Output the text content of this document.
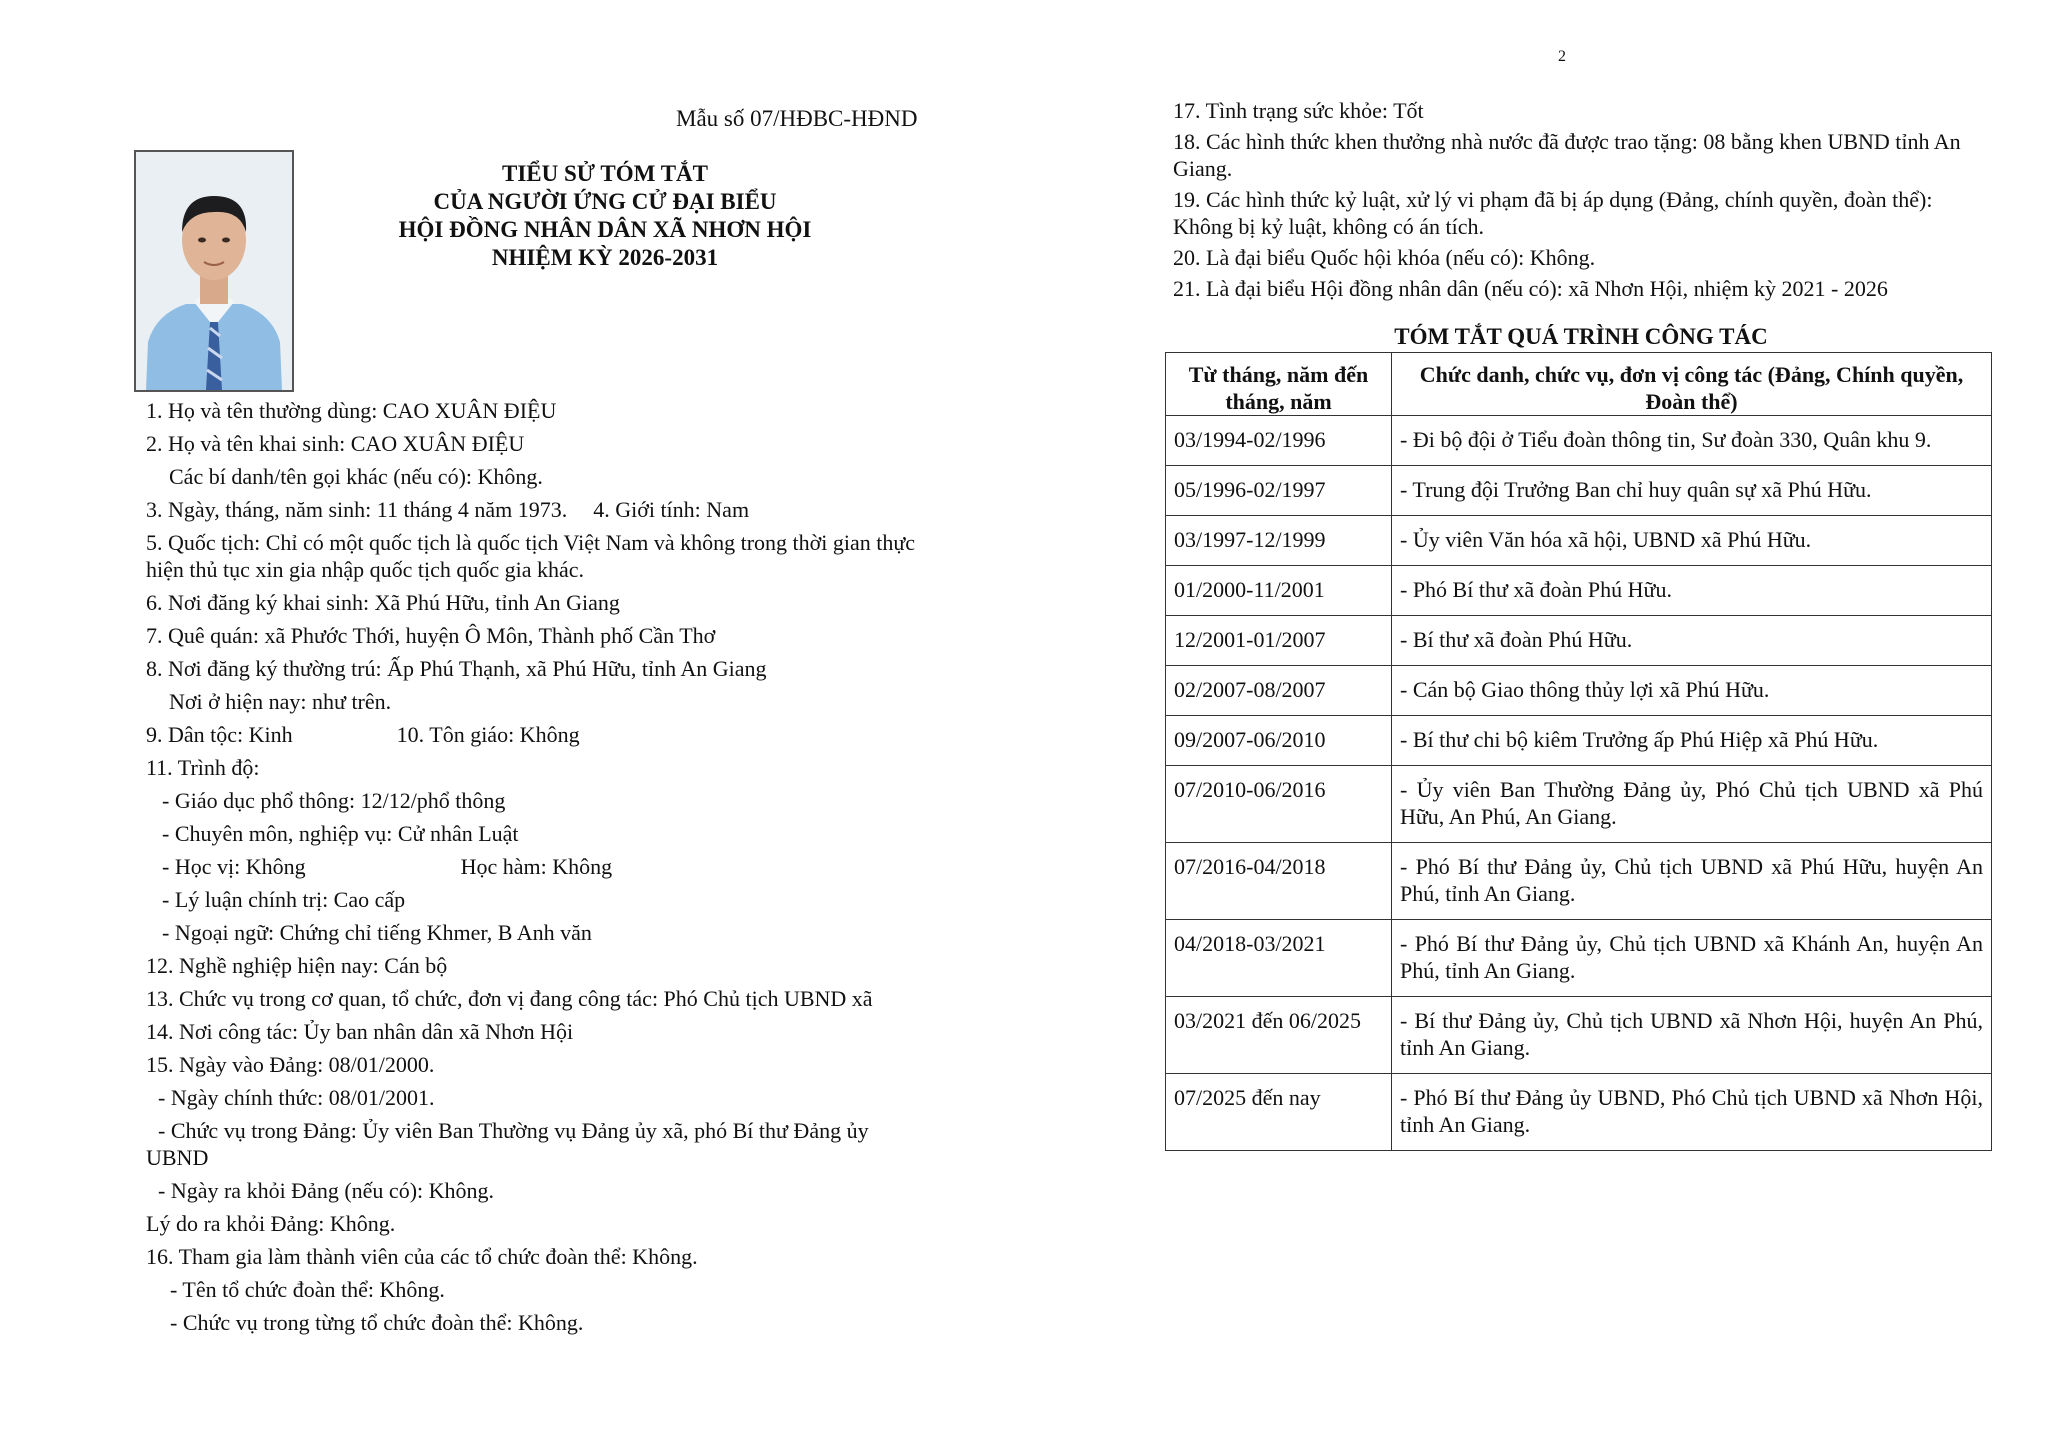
2
Mẫu số 07/HĐBC-HĐND
TIỂU SỬ TÓM TẮT
CỦA NGƯỜI ỨNG CỬ ĐẠI BIỂU
HỘI ĐỒNG NHÂN DÂN XÃ NHƠN HỘI
NHIỆM KỲ 2026-2031
1. Họ và tên thường dùng: CAO XUÂN ĐIỆU
2. Họ và tên khai sinh: CAO XUÂN ĐIỆU
Các bí danh/tên gọi khác (nếu có): Không.
3. Ngày, tháng, năm sinh: 11 tháng 4 năm 1973. 4. Giới tính: Nam
5. Quốc tịch: Chỉ có một quốc tịch là quốc tịch Việt Nam và không trong thời gian thực hiện thủ tục xin gia nhập quốc tịch quốc gia khác.
6. Nơi đăng ký khai sinh: Xã Phú Hữu, tỉnh An Giang
7. Quê quán: xã Phước Thới, huyện Ô Môn, Thành phố Cần Thơ
8. Nơi đăng ký thường trú: Ấp Phú Thạnh, xã Phú Hữu, tỉnh An Giang
Nơi ở hiện nay: như trên.
9. Dân tộc: Kinh	10. Tôn giáo: Không
11. Trình độ:
- Giáo dục phổ thông: 12/12/phổ thông
- Chuyên môn, nghiệp vụ: Cử nhân Luật
- Học vị: Không	Học hàm: Không
- Lý luận chính trị: Cao cấp
- Ngoại ngữ: Chứng chỉ tiếng Khmer, B Anh văn
12. Nghề nghiệp hiện nay: Cán bộ
13. Chức vụ trong cơ quan, tổ chức, đơn vị đang công tác: Phó Chủ tịch UBND xã
14. Nơi công tác: Ủy ban nhân dân xã Nhơn Hội
15. Ngày vào Đảng: 08/01/2000.
- Ngày chính thức: 08/01/2001.
- Chức vụ trong Đảng: Ủy viên Ban Thường vụ Đảng ủy xã, phó Bí thư Đảng ủy UBND
- Ngày ra khỏi Đảng (nếu có): Không.
Lý do ra khỏi Đảng: Không.
16. Tham gia làm thành viên của các tổ chức đoàn thể: Không.
- Tên tổ chức đoàn thể: Không.
- Chức vụ trong từng tổ chức đoàn thể: Không.
17. Tình trạng sức khỏe: Tốt
18. Các hình thức khen thưởng nhà nước đã được trao tặng: 08 bằng khen UBND tỉnh An Giang.
19. Các hình thức kỷ luật, xử lý vi phạm đã bị áp dụng (Đảng, chính quyền, đoàn thể): Không bị kỷ luật, không có án tích.
20. Là đại biểu Quốc hội khóa (nếu có): Không.
21. Là đại biểu Hội đồng nhân dân (nếu có): xã Nhơn Hội, nhiệm kỳ 2021 - 2026
TÓM TẮT QUÁ TRÌNH CÔNG TÁC
Từ tháng, năm đến tháng, năm	Chức danh, chức vụ, đơn vị công tác (Đảng, Chính quyền, Đoàn thể)
03/1994-02/1996	- Đi bộ đội ở Tiểu đoàn thông tin, Sư đoàn 330, Quân khu 9.
05/1996-02/1997	- Trung đội Trưởng Ban chỉ huy quân sự xã Phú Hữu.
03/1997-12/1999	- Ủy viên Văn hóa xã hội, UBND xã Phú Hữu.
01/2000-11/2001	- Phó Bí thư xã đoàn Phú Hữu.
12/2001-01/2007	- Bí thư xã đoàn Phú Hữu.
02/2007-08/2007	- Cán bộ Giao thông thủy lợi xã Phú Hữu.
09/2007-06/2010	- Bí thư chi bộ kiêm Trưởng ấp Phú Hiệp xã Phú Hữu.
07/2010-06/2016	- Ủy viên Ban Thường Đảng ủy, Phó Chủ tịch UBND xã Phú Hữu, An Phú, An Giang.
07/2016-04/2018	- Phó Bí thư Đảng ủy, Chủ tịch UBND xã Phú Hữu, huyện An Phú, tỉnh An Giang.
04/2018-03/2021	- Phó Bí thư Đảng ủy, Chủ tịch UBND xã Khánh An, huyện An Phú, tỉnh An Giang.
03/2021 đến 06/2025	- Bí thư Đảng ủy, Chủ tịch UBND xã Nhơn Hội, huyện An Phú, tỉnh An Giang.
07/2025 đến nay	- Phó Bí thư Đảng ủy UBND, Phó Chủ tịch UBND xã Nhơn Hội, tỉnh An Giang.
